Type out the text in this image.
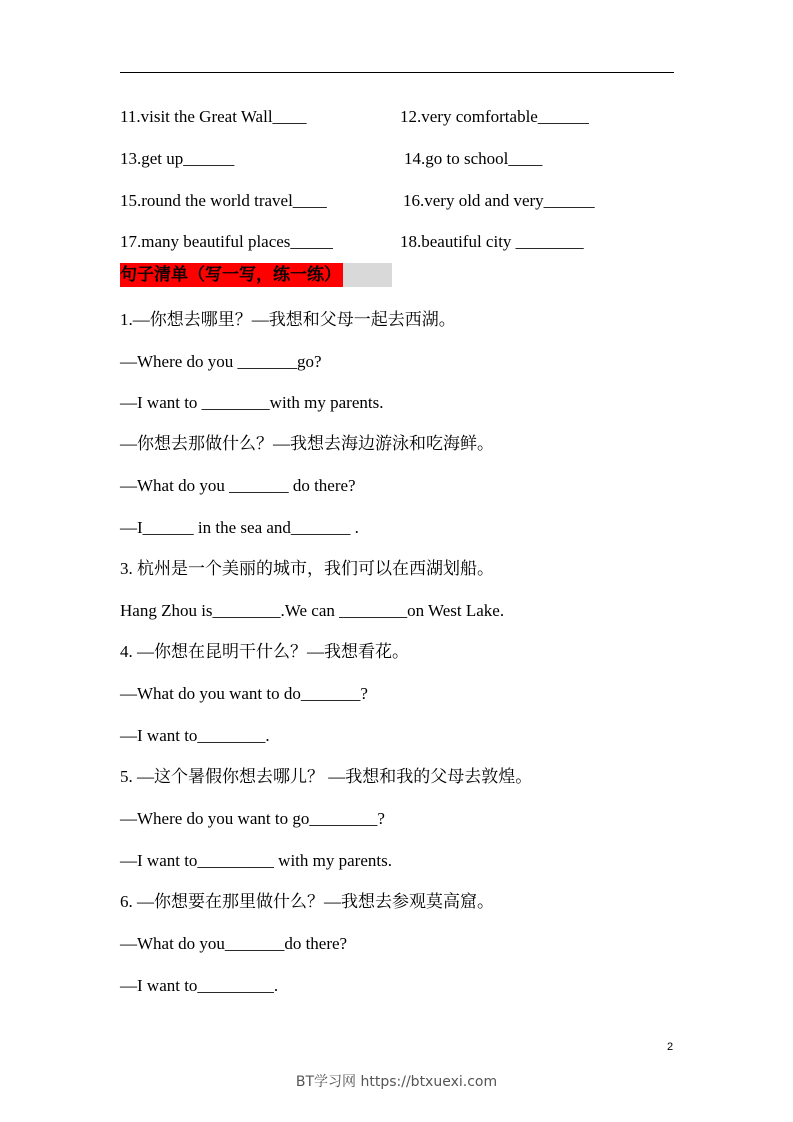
11.visit the Great Wall____	12.very comfortable______
13.get up______	14.go to school____
15.round the world travel____	16.very old and very______
17.many beautiful places_____	18.beautiful city ________
句子清单（写一写，练一练）
1.—你想去哪里？—我想和父母一起去西湖。
—Where do you _______go?
—I want to ________with my parents.
—你想去那做什么？—我想去海边游泳和吃海鲜。
—What do you _______ do there?
—I______ in the sea and_______ .
3. 杭州是一个美丽的城市，我们可以在西湖划船。
Hang Zhou is________.We can ________on West Lake.
4. —你想在昆明干什么？—我想看花。
—What do you want to do_______?
—I want to________.
5. —这个暑假你想去哪儿？ —我想和我的父母去敦煌。
—Where do you want to go________?
—I want to_________ with my parents.
6. —你想要在那里做什么？—我想去参观莫高窟。
—What do you_______do there?
—I want to_________.
2
BT学习网 https://btxuexi.com
